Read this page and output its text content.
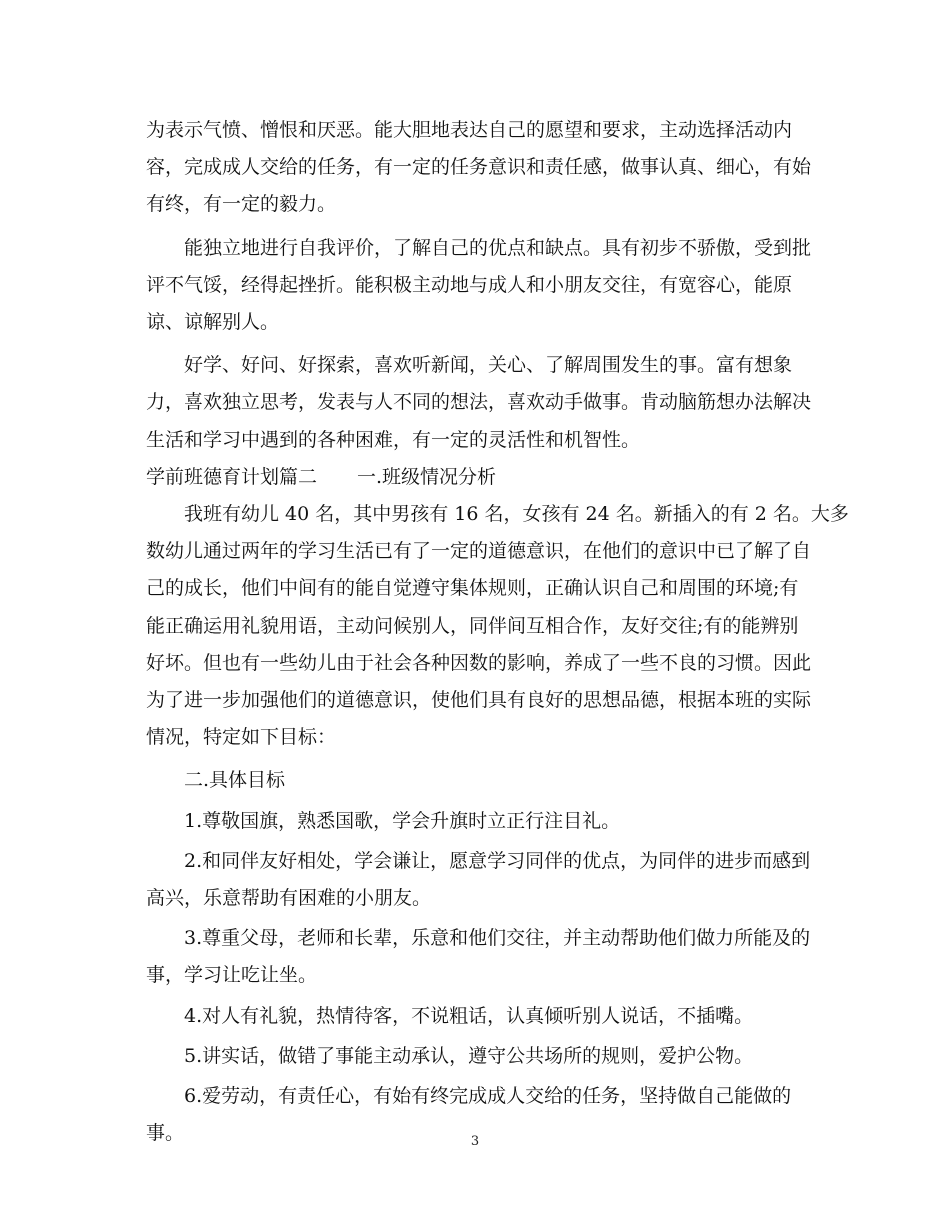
为表示气愤、憎恨和厌恶。能大胆地表达自己的愿望和要求，主动选择活动内
容，完成成人交给的任务，有一定的任务意识和责任感，做事认真、细心，有始
有终，有一定的毅力。

能独立地进行自我评价，了解自己的优点和缺点。具有初步不骄傲，受到批
评不气馁，经得起挫折。能积极主动地与成人和小朋友交往，有宽容心，能原
谅、谅解别人。

好学、好问、好探索，喜欢听新闻，关心、了解周围发生的事。富有想象
力，喜欢独立思考，发表与人不同的想法，喜欢动手做事。肯动脑筋想办法解决
生活和学习中遇到的各种困难，有一定的灵活性和机智性。

学前班德育计划篇二 一.班级情况分析

我班有幼儿 40 名，其中男孩有 16 名，女孩有 24 名。新插入的有 2 名。大多
数幼儿通过两年的学习生活已有了一定的道德意识，在他们的意识中已了解了自
己的成长，他们中间有的能自觉遵守集体规则，正确认识自己和周围的环境;有
能正确运用礼貌用语，主动问候别人，同伴间互相合作，友好交往;有的能辨别
好坏。但也有一些幼儿由于社会各种因数的影响，养成了一些不良的习惯。因此
为了进一步加强他们的道德意识，使他们具有良好的思想品德，根据本班的实际
情况，特定如下目标：

二.具体目标

1.尊敬国旗，熟悉国歌，学会升旗时立正行注目礼。

2.和同伴友好相处，学会谦让，愿意学习同伴的优点，为同伴的进步而感到
高兴，乐意帮助有困难的小朋友。

3.尊重父母，老师和长辈，乐意和他们交往，并主动帮助他们做力所能及的
事，学习让吃让坐。

4.对人有礼貌，热情待客，不说粗话，认真倾听别人说话，不插嘴。

5.讲实话，做错了事能主动承认，遵守公共场所的规则，爱护公物。

6.爱劳动，有责任心，有始有终完成成人交给的任务，坚持做自己能做的
事。	3
